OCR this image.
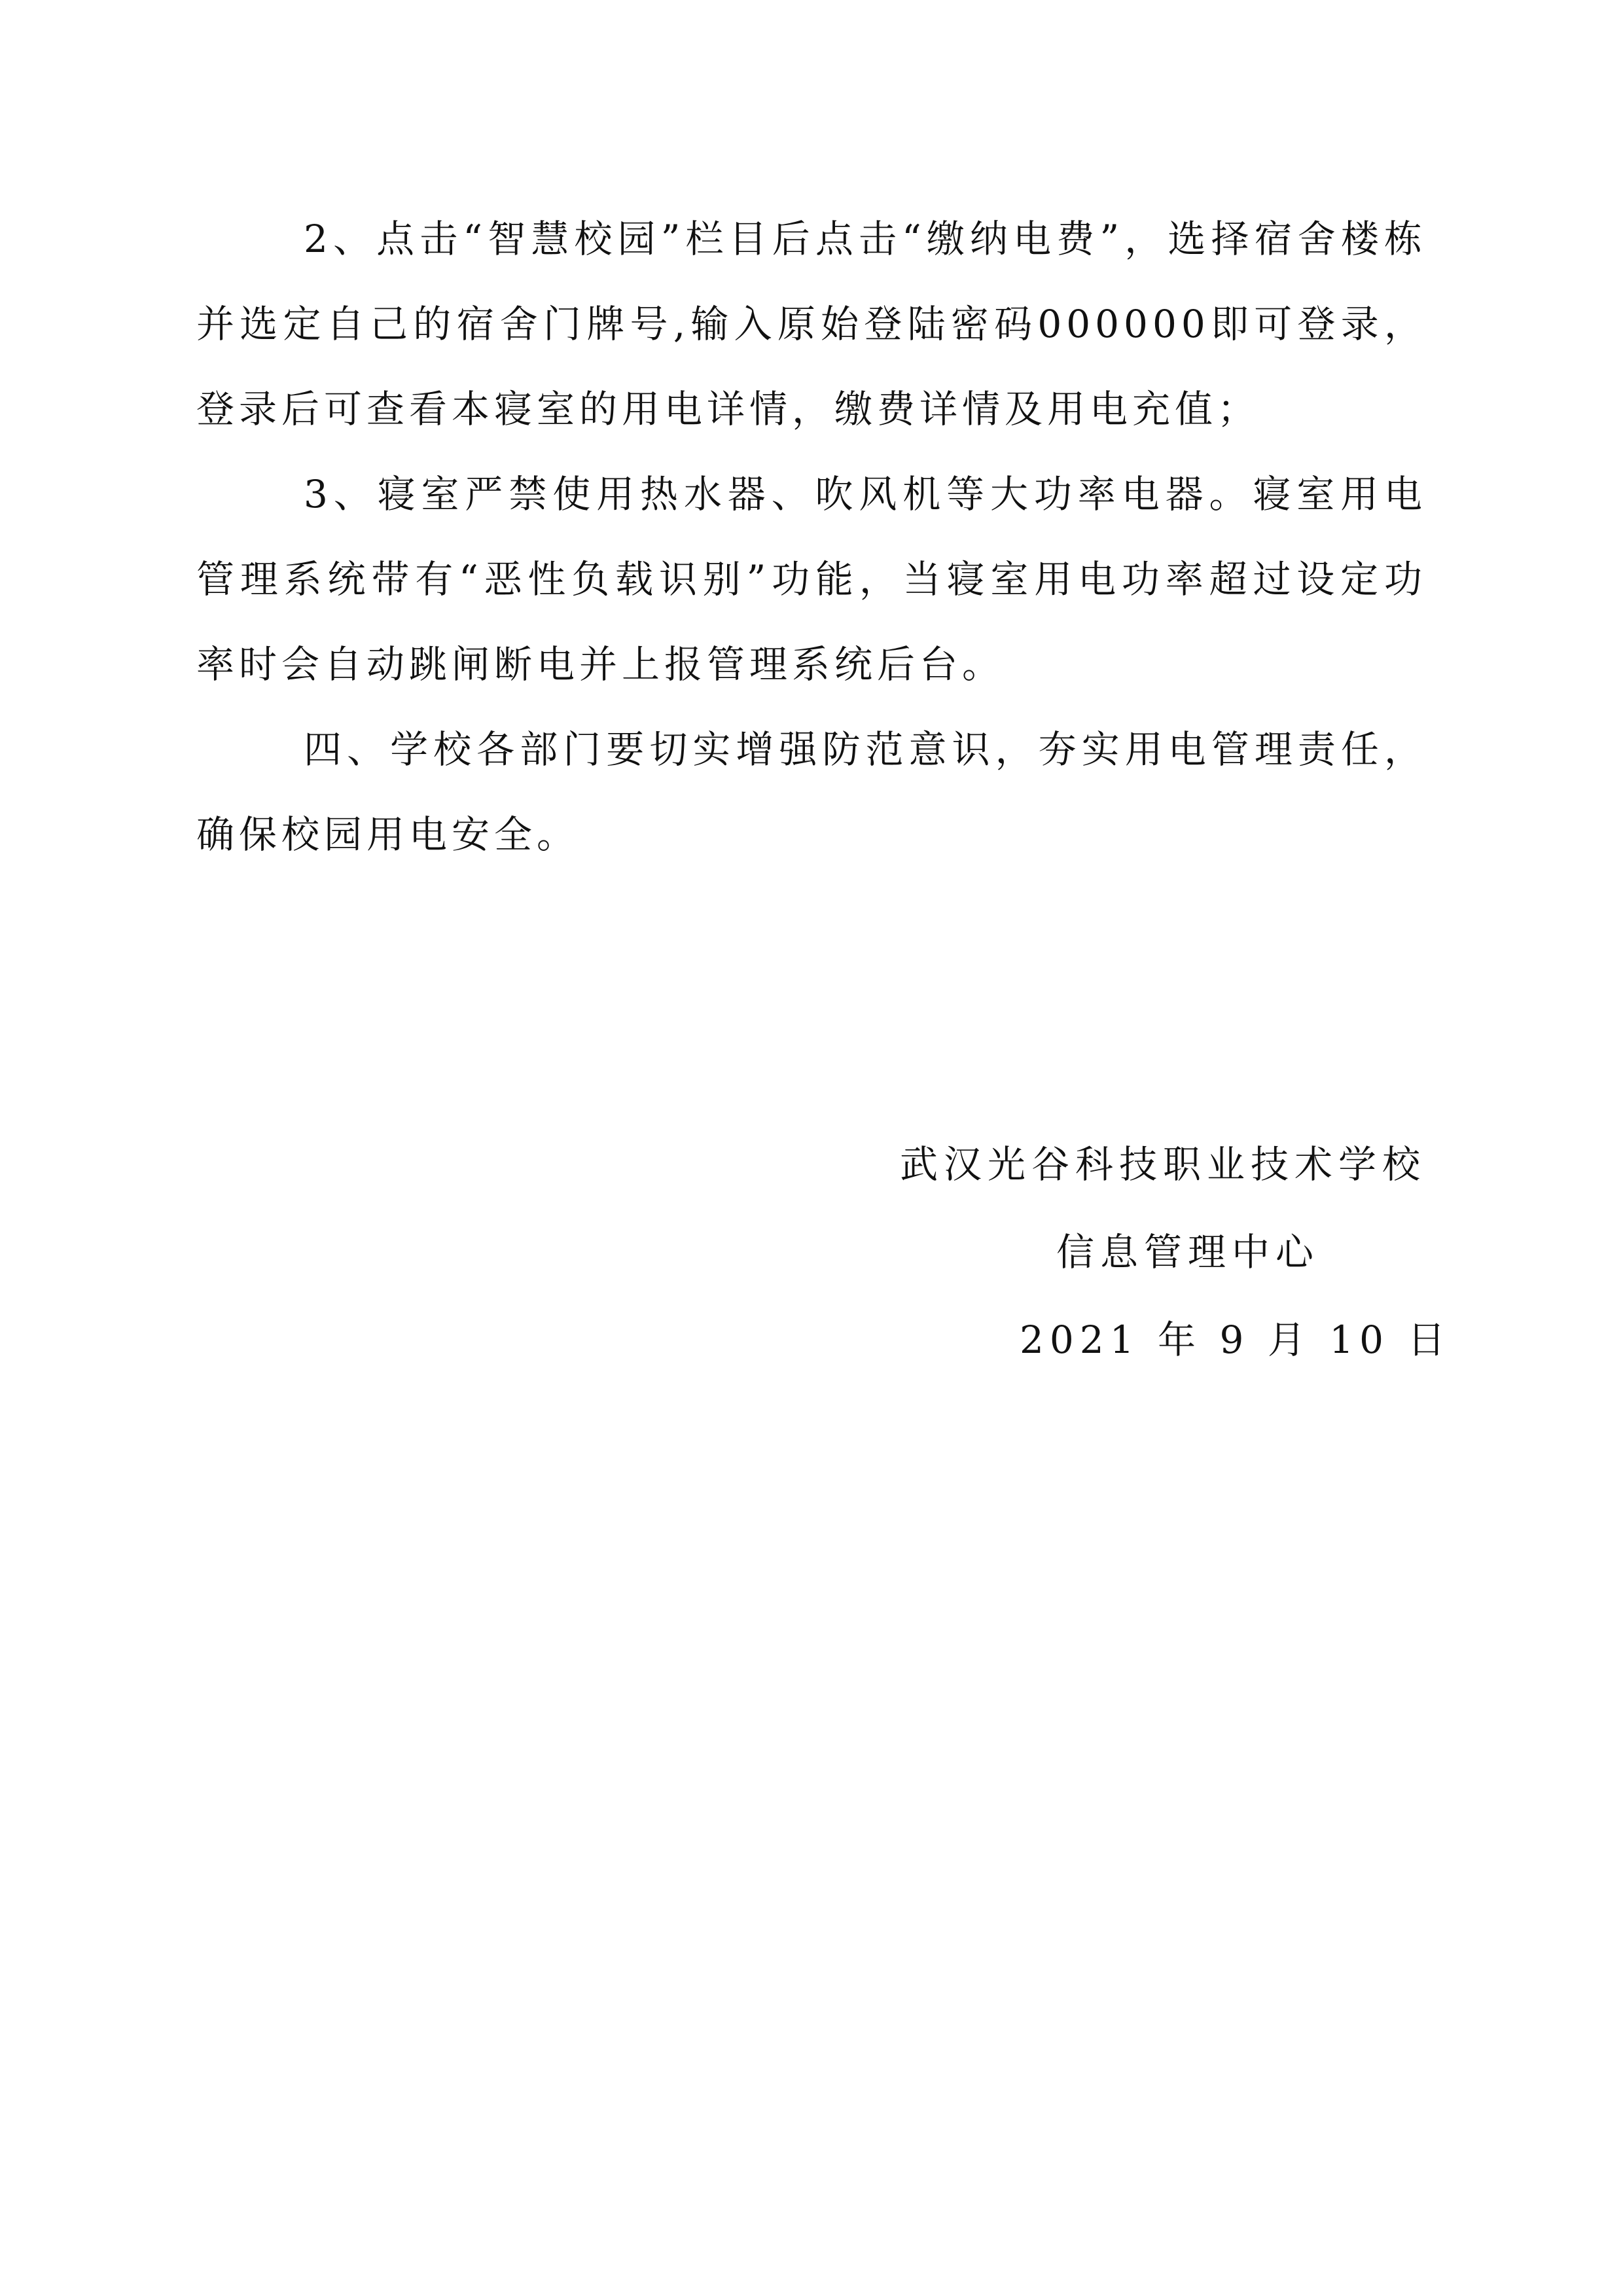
2、点击“智慧校园”栏目后点击“缴纳电费”，选择宿舍楼栋并选定自己的宿舍门牌号,输入原始登陆密码000000即可登录，登录后可查看本寝室的用电详情，缴费详情及用电充值；

3、寝室严禁使用热水器、吹风机等大功率电器。寝室用电管理系统带有“恶性负载识别”功能，当寝室用电功率超过设定功率时会自动跳闸断电并上报管理系统后台。

四、学校各部门要切实增强防范意识，夯实用电管理责任，确保校园用电安全。

武汉光谷科技职业技术学校
信息管理中心
2021 年 9 月 10 日
